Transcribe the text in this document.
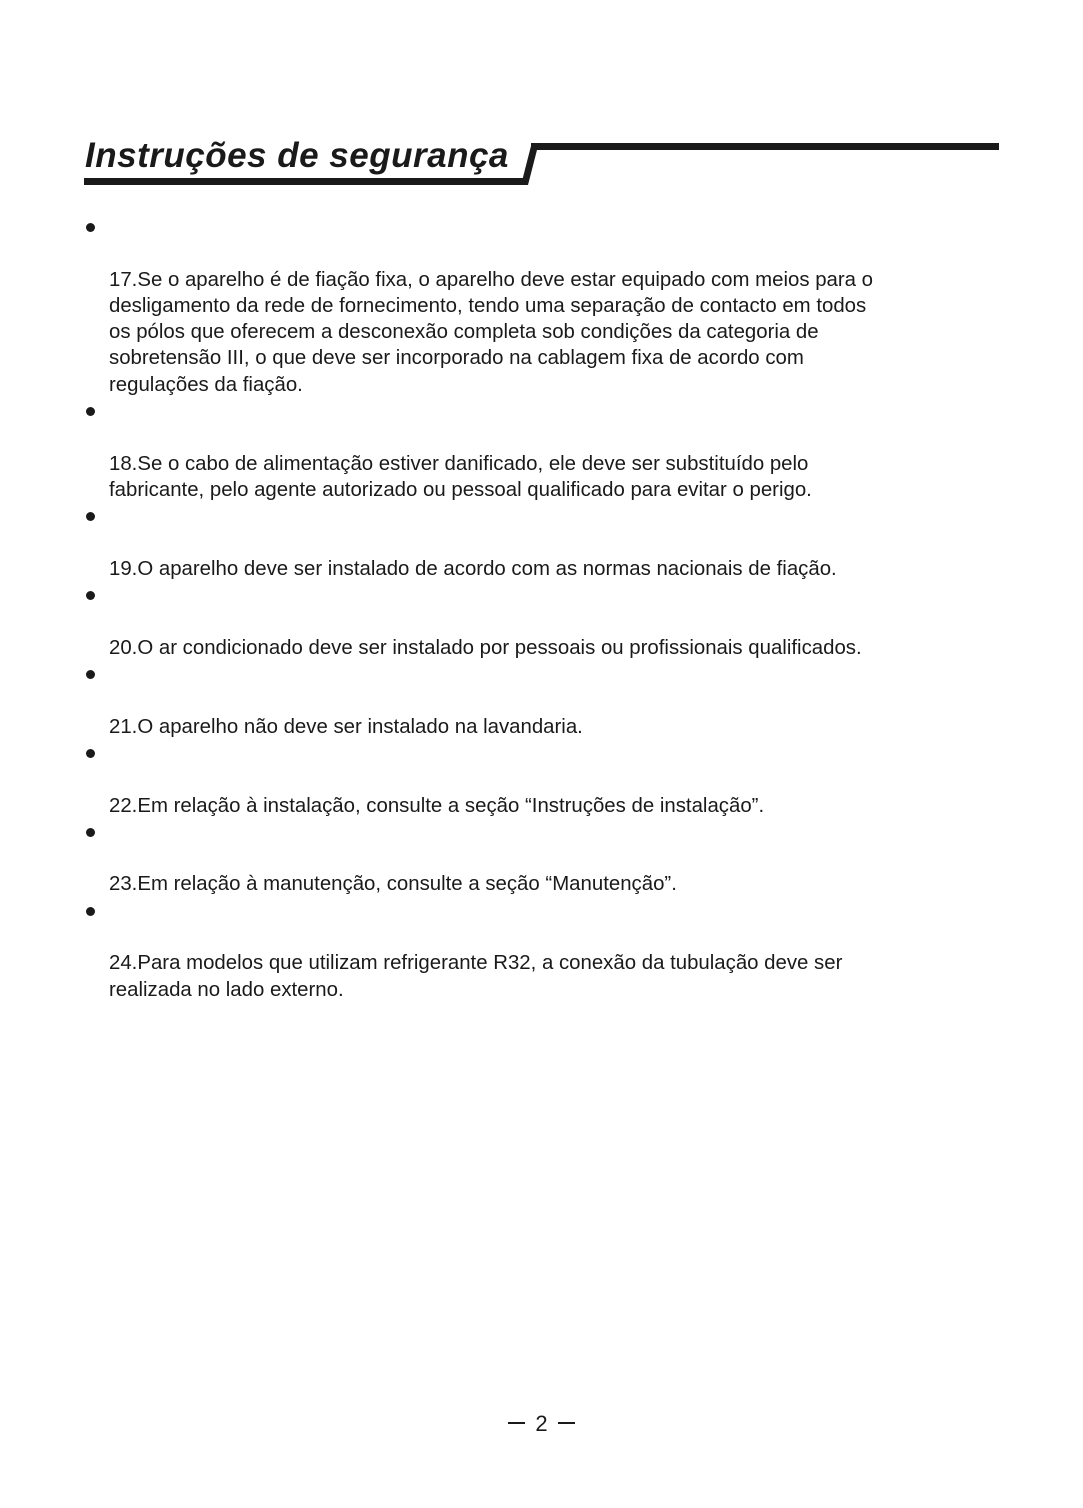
Instruções de segurança

17.Se o aparelho é de fiação fixa, o aparelho deve estar equipado com meios para o
desligamento da rede de fornecimento, tendo uma separação de contacto em todos
os pólos que oferecem a desconexão completa sob condições da categoria de
sobretensão III, o que deve ser incorporado na cablagem fixa de acordo com
regulações da fiação.

18.Se o cabo de alimentação estiver danificado, ele deve ser substituído pelo
fabricante, pelo agente autorizado ou pessoal qualificado para evitar o perigo.

19.O aparelho deve ser instalado de acordo com as normas nacionais de fiação.

20.O ar condicionado deve ser instalado por pessoais ou profissionais qualificados.

21.O aparelho não deve ser instalado na lavandaria.

22.Em relação à instalação, consulte a seção “Instruções de instalação”.

23.Em relação à manutenção, consulte a seção “Manutenção”.

24.Para modelos que utilizam refrigerante R32, a conexão da tubulação deve ser
realizada no lado externo.

2
